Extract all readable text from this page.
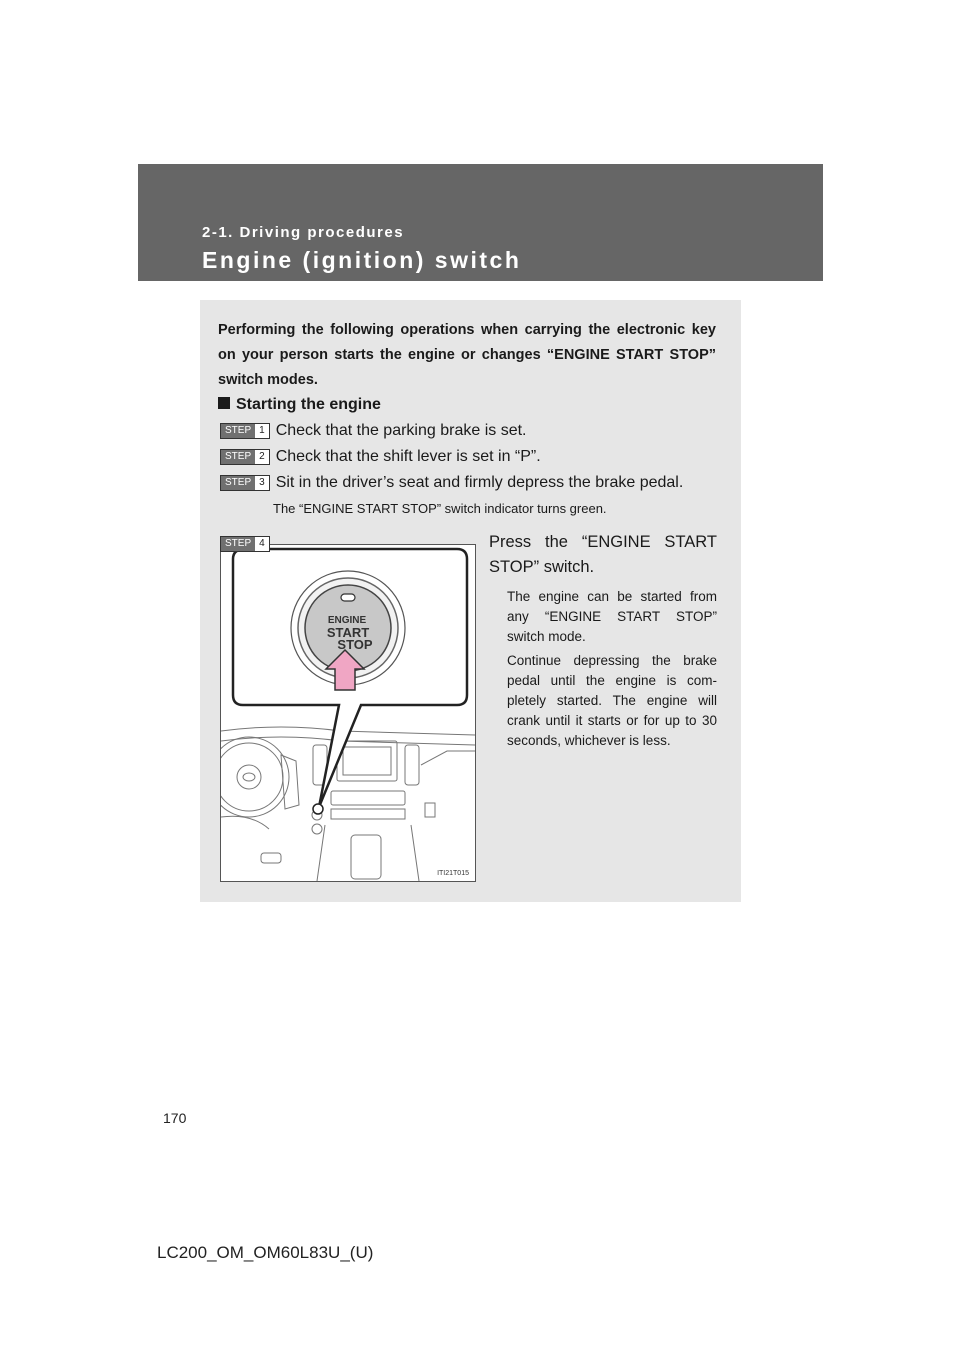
2-1. Driving procedures

Engine (ignition) switch

Performing the following operations when carrying the electronic key on your person starts the engine or changes “ENGINE START STOP” switch modes.

Starting the engine
STEP 1 Check that the parking brake is set.
STEP 2 Check that the shift lever is set in “P”.
STEP 3 Sit in the driver’s seat and firmly depress the brake pedal.

The “ENGINE START STOP” switch indicator turns green.

ENGINE
START
STOP
ITI21T015
STEP 4	Press the “ENGINE START STOP” switch.

The engine can be started from any “ENGINE START STOP” switch mode.

Continue depressing the brake pedal until the engine is com-pletely started. The engine will crank until it starts or for up to 30 seconds, whichever is less.

170

LC200_OM_OM60L83U_(U)
